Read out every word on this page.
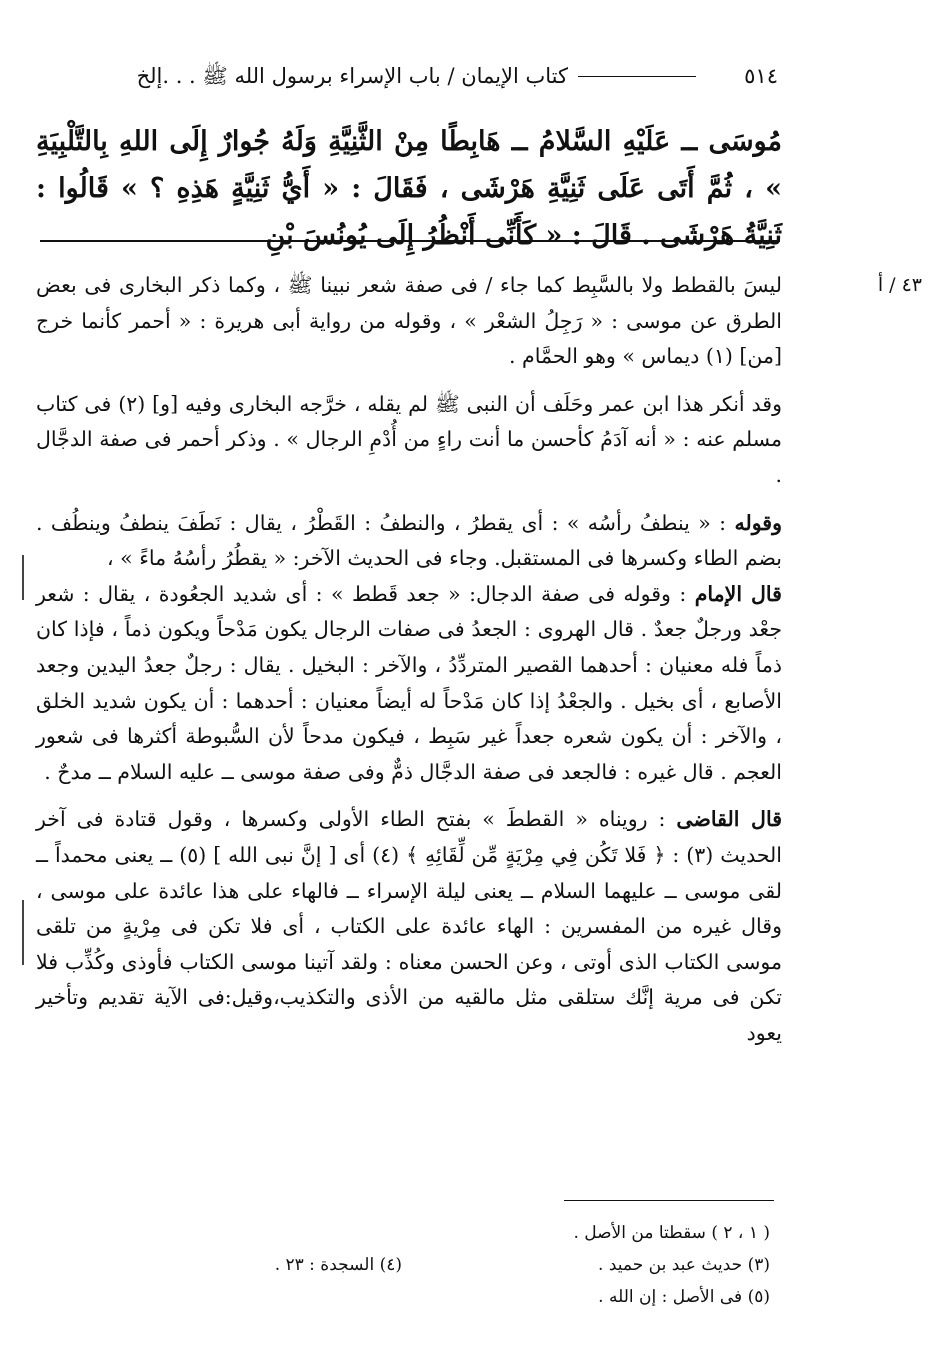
٥١٤
كتاب الإيمان / باب الإسراء برسول الله ﷺ . . .إلخ
مُوسَى ــ عَلَيْهِ السَّلامُ ــ هَابِطًا مِنْ الثَّنِيَّةِ وَلَهُ جُوارٌ إِلَى اللهِ بِالتَّلْبِيَةِ » ، ثُمَّ أَتَى عَلَى ثَنِيَّةِ هَرْشَى ، فَقَالَ : « أَيُّ ثَنِيَّةٍ هَذِهِ ؟ » قَالُوا : ثَنِيَّةُ هَرْشَى . قَالَ : « كَأَنِّى أَنْظُرُ إِلَى يُونُسَ بْنِ
٤٣ / أ

ليسَ بالقطط ولا بالسَّبِط كما جاء / فى صفة شعر نبينا ﷺ ، وكما ذكر البخارى فى بعض الطرق عن موسى : « رَجِلُ الشعْر » ، وقوله من رواية أبى هريرة : « أحمر كأنما خرج [من] (١) ديماس » وهو الحمَّام .

وقد أنكر هذا ابن عمر وحَلَف أن النبى ﷺ لم يقله ، خرَّجه البخارى وفيه [و] (٢) فى كتاب مسلم عنه : « أنه آدَمُ كأحسن ما أنت راءٍ من أُدْمِ الرجال » . وذكر أحمر فى صفة الدجَّال .

وقوله : « ينطفُ رأسُه » : أى يقطرُ ، والنطفُ : القَطْرُ ، يقال : نَطَفَ ينطفُ وينطُف . بضم الطاء وكسرها فى المستقبل. وجاء فى الحديث الآخر: « يقطُرُ رأسُهُ ماءً » ،
قال الإمام : وقوله فى صفة الدجال: « جعد قَطط » : أى شديد الجعُودة ، يقال : شعر جعْد ورجلٌ جعدٌ . قال الهروى : الجعدُ فى صفات الرجال يكون مَدْحاً ويكون ذماً ، فإذا كان ذماً فله معنيان : أحدهما القصير المتردِّدُ ، والآخر : البخيل . يقال : رجلٌ جعدُ اليدين وجعد الأصابع ، أى بخيل . والجعْدُ إذا كان مَدْحاً له أيضاً معنيان : أحدهما : أن يكون شديد الخلق ، والآخر : أن يكون شعره جعداً غير سَبِط ، فيكون مدحاً لأن السُّبوطة أكثرها فى شعور العجم . قال غيره : فالجعد فى صفة الدجَّال ذمٌّ وفى صفة موسى ــ عليه السلام ــ مدحٌ .

قال القاضى : رويناه « القططَ » بفتح الطاء الأولى وكسرها ، وقول قتادة فى آخر الحديث (٣) : ﴿ فَلا تَكُن فِي مِرْيَةٍ مِّن لِّقَائِهِ ﴾ (٤) أى [ إنَّ نبى الله ] (٥) ــ يعنى محمداً ــ لقى موسى ــ عليهما السلام ــ يعنى ليلة الإسراء ــ فالهاء على هذا عائدة على موسى ، وقال غيره من المفسرين : الهاء عائدة على الكتاب ، أى فلا تكن فى مِرْيةٍ من تلقى موسى الكتاب الذى أوتى ، وعن الحسن معناه : ولقد آتينا موسى الكتاب فأوذى وكُذِّب فلا تكن فى مرية إنَّك ستلقى مثل مالقيه من الأذى والتكذيب،وقيل:فى الآية تقديم وتأخير يعود

( ١ ، ٢ ) سقطتا من الأصل .
(٣) حديث عبد بن حميد .
(٥) فى الأصل : إن الله .
(٤) السجدة : ٢٣ .
